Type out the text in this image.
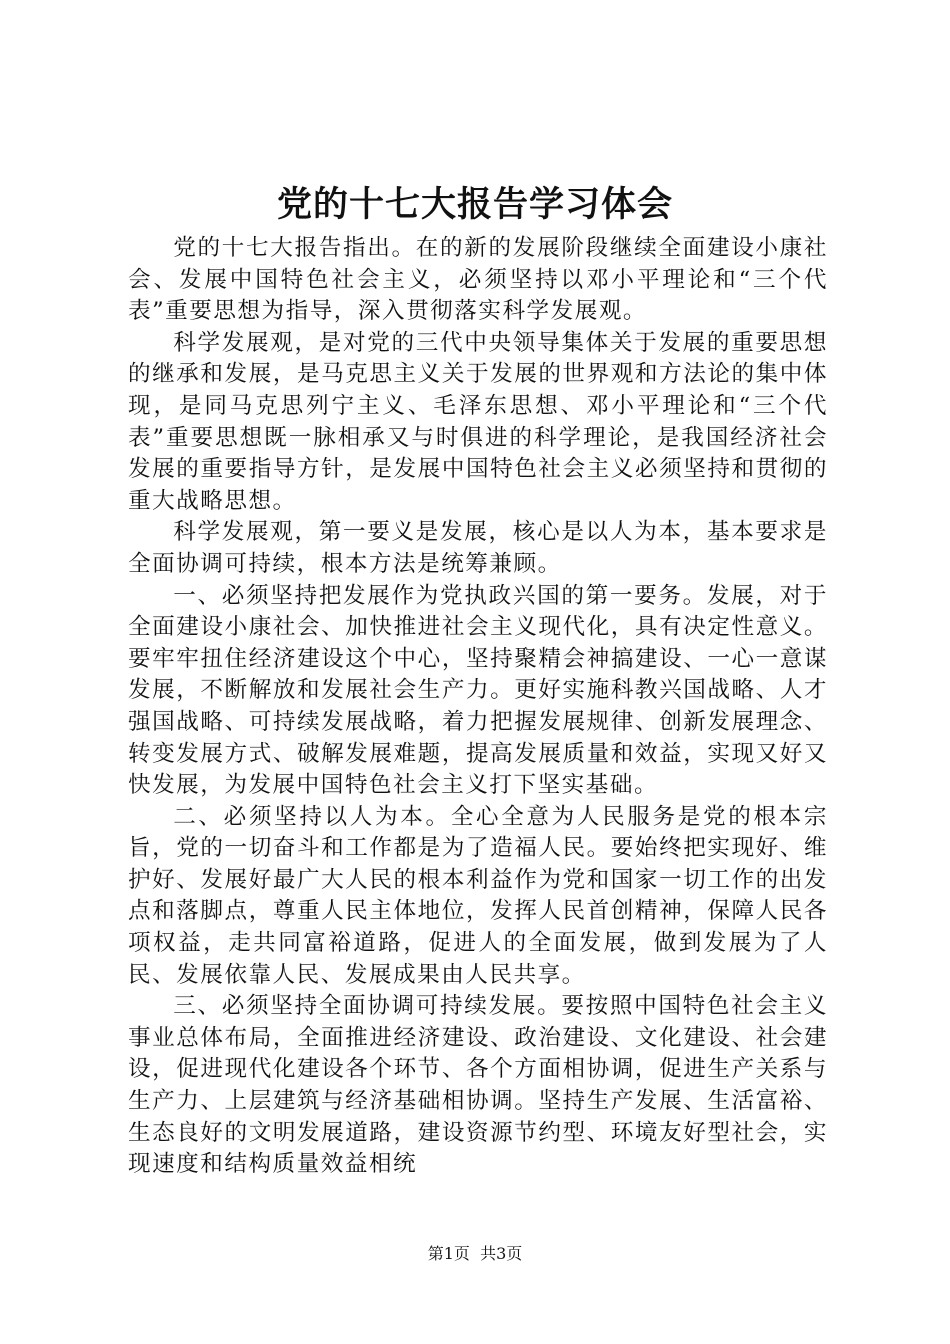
党的十七大报告学习体会

党的十七大报告指出。在的新的发展阶段继续全面建设小康社会、发展中国特色社会主义，必须坚持以邓小平理论和“三个代表”重要思想为指导，深入贯彻落实科学发展观。

科学发展观，是对党的三代中央领导集体关于发展的重要思想的继承和发展，是马克思主义关于发展的世界观和方法论的集中体现，是同马克思列宁主义、毛泽东思想、邓小平理论和“三个代表”重要思想既一脉相承又与时俱进的科学理论，是我国经济社会发展的重要指导方针，是发展中国特色社会主义必须坚持和贯彻的重大战略思想。

科学发展观，第一要义是发展，核心是以人为本，基本要求是全面协调可持续，根本方法是统筹兼顾。

一、必须坚持把发展作为党执政兴国的第一要务。发展，对于全面建设小康社会、加快推进社会主义现代化，具有决定性意义。要牢牢扭住经济建设这个中心，坚持聚精会神搞建设、一心一意谋发展，不断解放和发展社会生产力。更好实施科教兴国战略、人才强国战略、可持续发展战略，着力把握发展规律、创新发展理念、转变发展方式、破解发展难题，提高发展质量和效益，实现又好又快发展，为发展中国特色社会主义打下坚实基础。

二、必须坚持以人为本。全心全意为人民服务是党的根本宗旨，党的一切奋斗和工作都是为了造福人民。要始终把实现好、维护好、发展好最广大人民的根本利益作为党和国家一切工作的出发点和落脚点，尊重人民主体地位，发挥人民首创精神，保障人民各项权益，走共同富裕道路，促进人的全面发展，做到发展为了人民、发展依靠人民、发展成果由人民共享。

三、必须坚持全面协调可持续发展。要按照中国特色社会主义事业总体布局，全面推进经济建设、政治建设、文化建设、社会建设，促进现代化建设各个环节、各个方面相协调，促进生产关系与生产力、上层建筑与经济基础相协调。坚持生产发展、生活富裕、生态良好的文明发展道路，建设资源节约型、环境友好型社会，实现速度和结构质量效益相统

第1页  共3页
